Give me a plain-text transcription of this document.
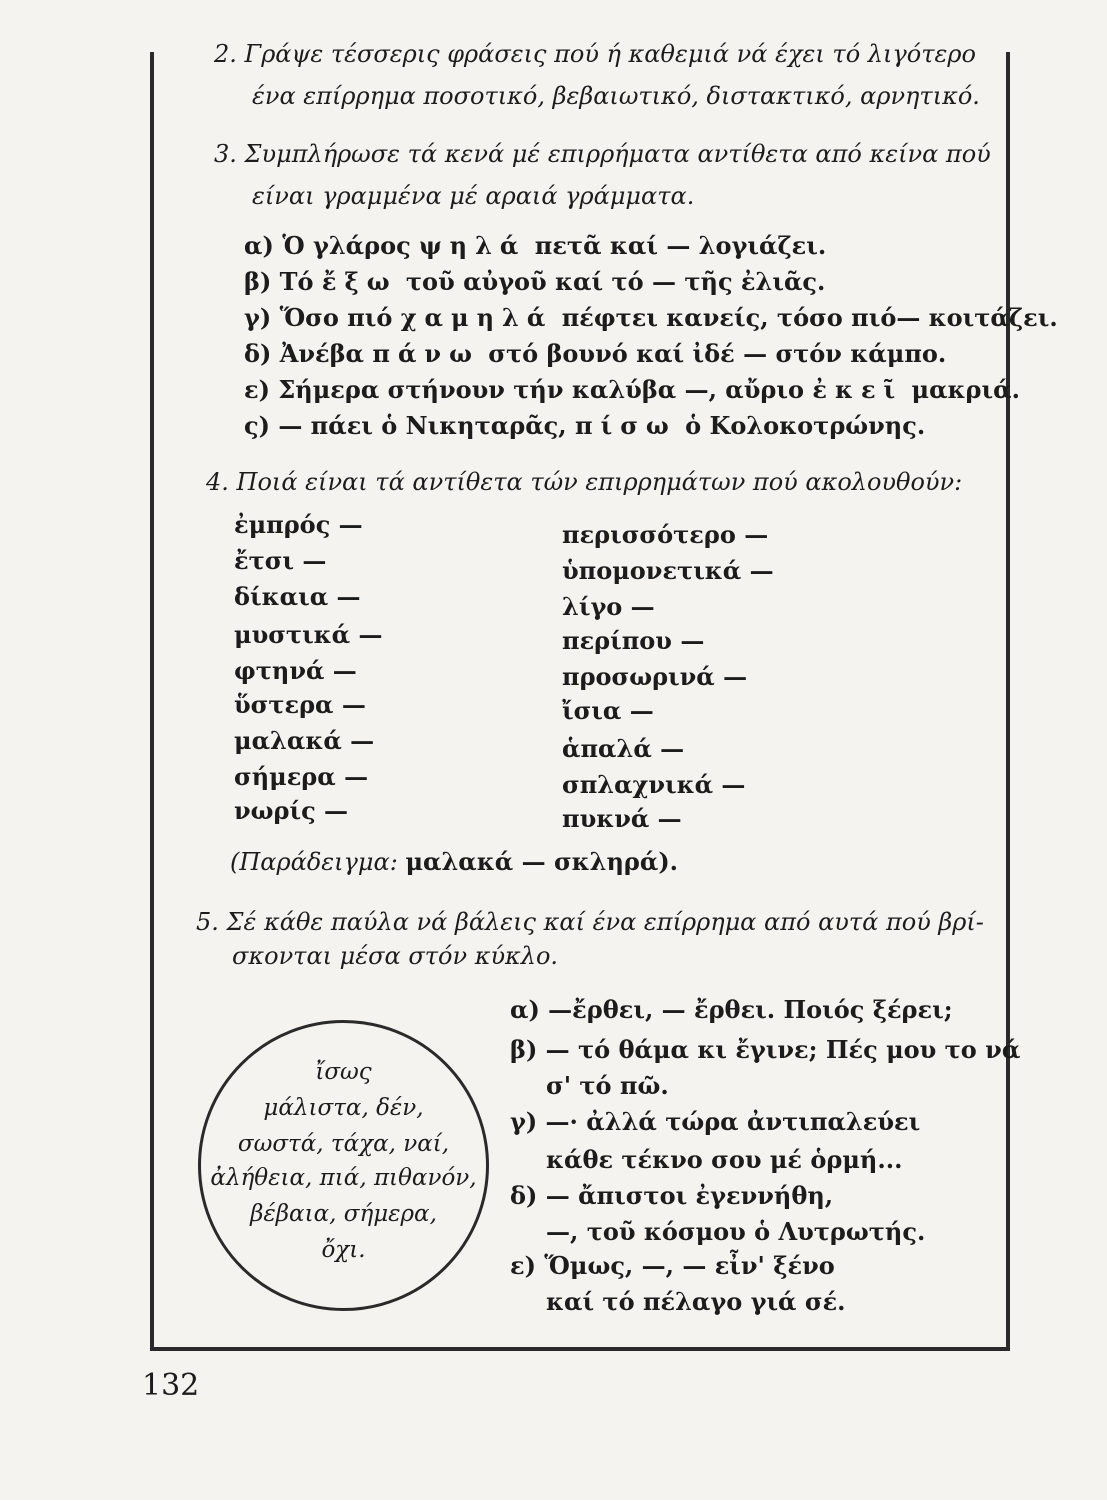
2. Γράψε τέσσερις φράσεις πού ή καθεμιά νά έχει τό λιγότερο
ένα επίρρημα ποσοτικό, βεβαιωτικό, διστακτικό, αρνητικό.
3. Συμπλήρωσε τά κενά μέ επιρρήματα αντίθετα από κείνα πού
είναι γραμμένα μέ αραιά γράμματα.
α) Ὁ γλάρος ψηλά πετᾶ καί — λογιάζει.
β) Τό ἔξω τοῦ αὐγοῦ καί τό — τῆς ἐλιᾶς.
γ) Ὅσο πιό χαμηλά πέφτει κανείς, τόσο πιό— κοιτάζει.
δ) Ἀνέβα πάνω στό βουνό καί ἰδέ — στόν κάμπο.
ε) Σήμερα στήνουν τήν καλύβα —, αὔριο ἐκεῖ μακριά.
ς) — πάει ὁ Νικηταρᾶς, πίσω ὁ Κολοκοτρώνης.
4. Ποιά είναι τά αντίθετα τών επιρρημάτων πού ακολουθούν:
ἐμπρός —
ἔτσι —
δίκαια —
μυστικά —
φτηνά —
ὕστερα —
μαλακά —
σήμερα —
νωρίς —
περισσότερο —
ὑπομονετικά —
λίγο —
περίπου —
προσωρινά —
ἴσια —
ἁπαλά —
σπλαχνικά —
πυκνά —
(Παράδειγμα: μαλακά — σκληρά).
5. Σέ κάθε παύλα νά βάλεις καί ένα επίρρημα από αυτά πού βρί-
σκονται μέσα στόν κύκλο.
ἴσως
μάλιστα, δέν,
σωστά, τάχα, ναί,
ἀλήθεια, πιά, πιθανόν,
βέβαια, σήμερα,
ὄχι.
α) —ἔρθει, — ἔρθει. Ποιός ξέρει;
β) — τό θάμα κι ἔγινε; Πές μου το νά
σ' τό πῶ.
γ) —· ἀλλά τώρα ἀντιπαλεύει
κάθε τέκνο σου μέ ὁρμή...
δ) — ἄπιστοι ἐγεννήθη,
—, τοῦ κόσμου ὁ Λυτρωτής.
ε) Ὅμως, —, — εἶν' ξένο
καί τό πέλαγο γιά σέ.
132
